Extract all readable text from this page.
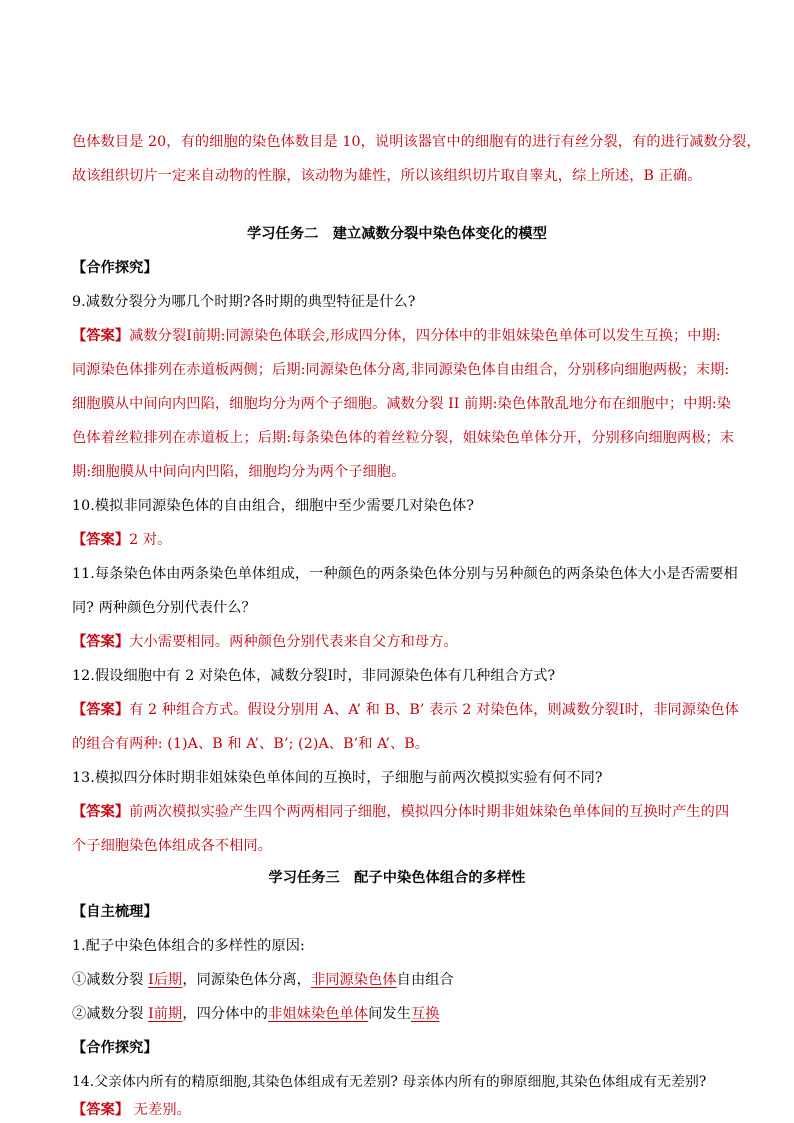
色体数目是 20，有的细胞的染色体数目是 10，说明该器官中的细胞有的进行有丝分裂，有的进行减数分裂，
故该组织切片一定来自动物的性腺，该动物为雄性，所以该组织切片取自睾丸，综上所述，B 正确。
学习任务二　建立减数分裂中染色体变化的模型
【合作探究】
9.减数分裂分为哪几个时期?各时期的典型特征是什么?
【答案】减数分裂Ⅰ前期:同源染色体联会,形成四分体，四分体中的非姐妹染色单体可以发生互换；中期:
同源染色体排列在赤道板两侧；后期:同源染色体分离,非同源染色体自由组合，分别移向细胞两极；末期:
细胞膜从中间向内凹陷，细胞均分为两个子细胞。减数分裂 II 前期:染色体散乱地分布在细胞中；中期:染
色体着丝粒排列在赤道板上；后期:每条染色体的着丝粒分裂，姐妹染色单体分开，分别移向细胞两极；末
期:细胞膜从中间向内凹陷，细胞均分为两个子细胞。
10.模拟非同源染色体的自由组合，细胞中至少需要几对染色体?
【答案】2 对。
11.每条染色体由两条染色单体组成，一种颜色的两条染色体分别与另种颜色的两条染色体大小是否需要相
同? 两种颜色分别代表什么？
【答案】大小需要相同。两种颜色分别代表来自父方和母方。
12.假设细胞中有 2 对染色体，减数分裂Ⅰ时，非同源染色体有几种组合方式?
【答案】有 2 种组合方式。假设分别用 A、A’ 和 B、B’ 表示 2 对染色体，则减数分裂Ⅰ时，非同源染色体
的组合有两种: (1)A、B 和 A’、B’; (2)A、B’和 A’、B。
13.模拟四分体时期非姐妹染色单体间的互换时，子细胞与前两次模拟实验有何不同?
【答案】前两次模拟实验产生四个两两相同子细胞，模拟四分体时期非姐妹染色单体间的互换时产生的四
个子细胞染色体组成各不相同。
学习任务三　配子中染色体组合的多样性
【自主梳理】
1.配子中染色体组合的多样性的原因:
①减数分裂 Ⅰ后期，同源染色体分离，非同源染色体自由组合
②减数分裂 Ⅰ前期，四分体中的非姐妹染色单体间发生互换
【合作探究】
14.父亲体内所有的精原细胞,其染色体组成有无差别? 母亲体内所有的卵原细胞,其染色体组成有无差别?
【答案】 无差别。
